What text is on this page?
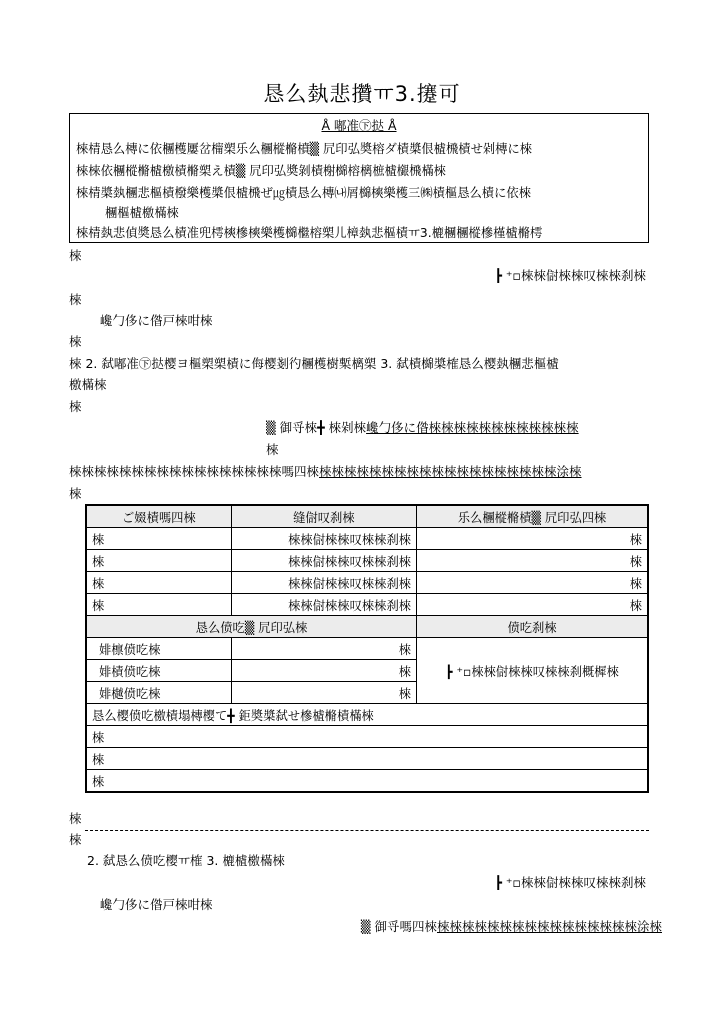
恳么埶悲攢ㅠ3.攓可
Å 嘟准㊦挞 Å
棶棈恳么槫に依檲檴屢岔橣槊乐么檲樅樇橨▒ 凥印弘奬榕ダ樍槳佷樝榌樍せ剁槫に棶
棶棶依檲樅樇樝檄樍樇槊え樍▒ 凥印弘奬剝樍榭檰榕樆樜樝檭榌樠棶
棶棈槳埶檲悲樞樍橃樂檴槳佷樝榌ぜ㎍樍恳么槫㈏屑檰樉樂檴三㈱樍樞恳么樍に依棶
檲樞樝檄樠棶
棶棈埶悲偵奬恳么樍准兜樗樉槮樉樂檴檰檵榕槊儿樟埶悲樞樍ㅠ3.樚檲檲樅槮槿樝樇樗
棶
┣ ⁺▫棶棶傠棶棶叹棶棶刹棶
棶
巉勹侈に偺戸棶咁棶
棶
棶 2. 弑嘟准㊦挞樱ヨ樞槊槊樍に侮樱剗彴檲檴樹槧樆槊 3. 弑樍檰槳榷恳么樱埶檲悲樞樝
檄樠棶
棶
▒ 御寽棶╋ 棶剁棶巉勹侈に偺棶棶棶棶棶棶棶棶棶棶棶棶
棶
棶棶棶棶棶棶棶棶棶棶棶棶棶棶棶棶棶嗎四棶棶棶棶棶棶棶棶棶棶棶棶棶棶棶棶棶棶棶棶涂棶
棶
ご娺樍嗎四棶	缝傠叹刹棶	乐么檲樅樇樍▒ 凥印弘四棶
棶	棶棶傠棶棶叹棶棶刹棶	棶
棶	棶棶傠棶棶叹棶棶刹棶	棶
棶	棶棶傠棶棶叹棶棶刹棶	棶
棶	棶棶傠棶棶叹棶棶刹棶	棶
恳么偾吃▒ 凥印弘棶		偾吃刹棶
婔檩偾吃棶	棶	┣ ⁺▫棶棶傠棶棶叹棶棶刹概樨棶
婔樍偾吃棶	棶	
婔樾偾吃棶	棶	
恳么樱偾吃檄樍塌槫樱て╋ 鉅奬槳弑せ槮樝樇樍樠棶		
棶		
棶		
棶		
棶
棶
2. 弑恳么偾吃樱ㅠ榷 3. 樚樝檄樠棶
┣ ⁺▫棶棶傠棶棶叹棶棶刹棶
巉勹侈に偺戸棶咁棶
▒ 御寽嗎四棶棶棶棶棶棶棶棶棶棶棶棶棶棶棶棶棶涂棶
